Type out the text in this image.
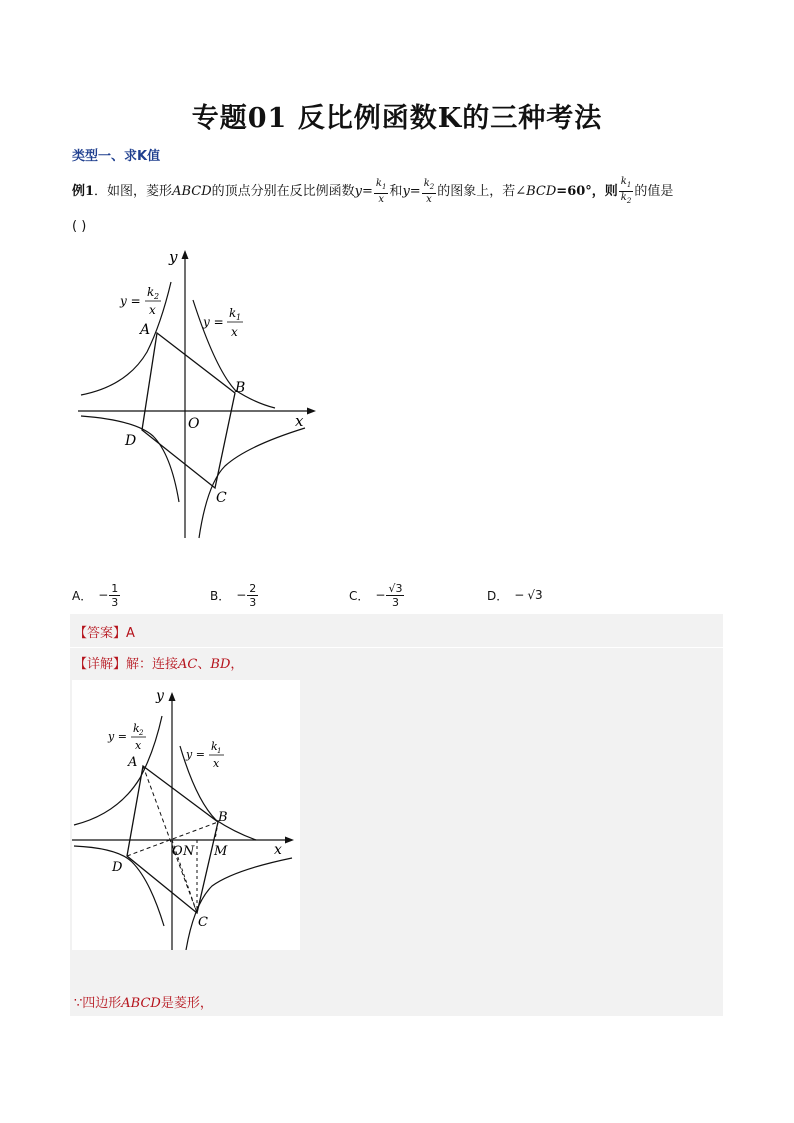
专题01 反比例函数K的三种考法
类型一、求K值
例1．如图，菱形ABCD的顶点分别在反比例函数$y= \frac{k_1}{x}$ 和$y= \frac{k_2}{x}$ 的图象上，若∠BCD=60°，则 $\frac{k_1}{k_2}$ 的值是
( )
y
x
O
A
B
C
D
y =
k 2
x
y =
k 1
x
A． − $\frac{1}{3}$	B． − $\frac{2}{3}$	C． − $\frac{√3}{3}$	D． − √3
【答案】A
【详解】解：连接AC、BD，
y
x
O N M
A
B
C
D
y =
k 2
x
y =
k 1
x
∵四边形ABCD是菱形，
